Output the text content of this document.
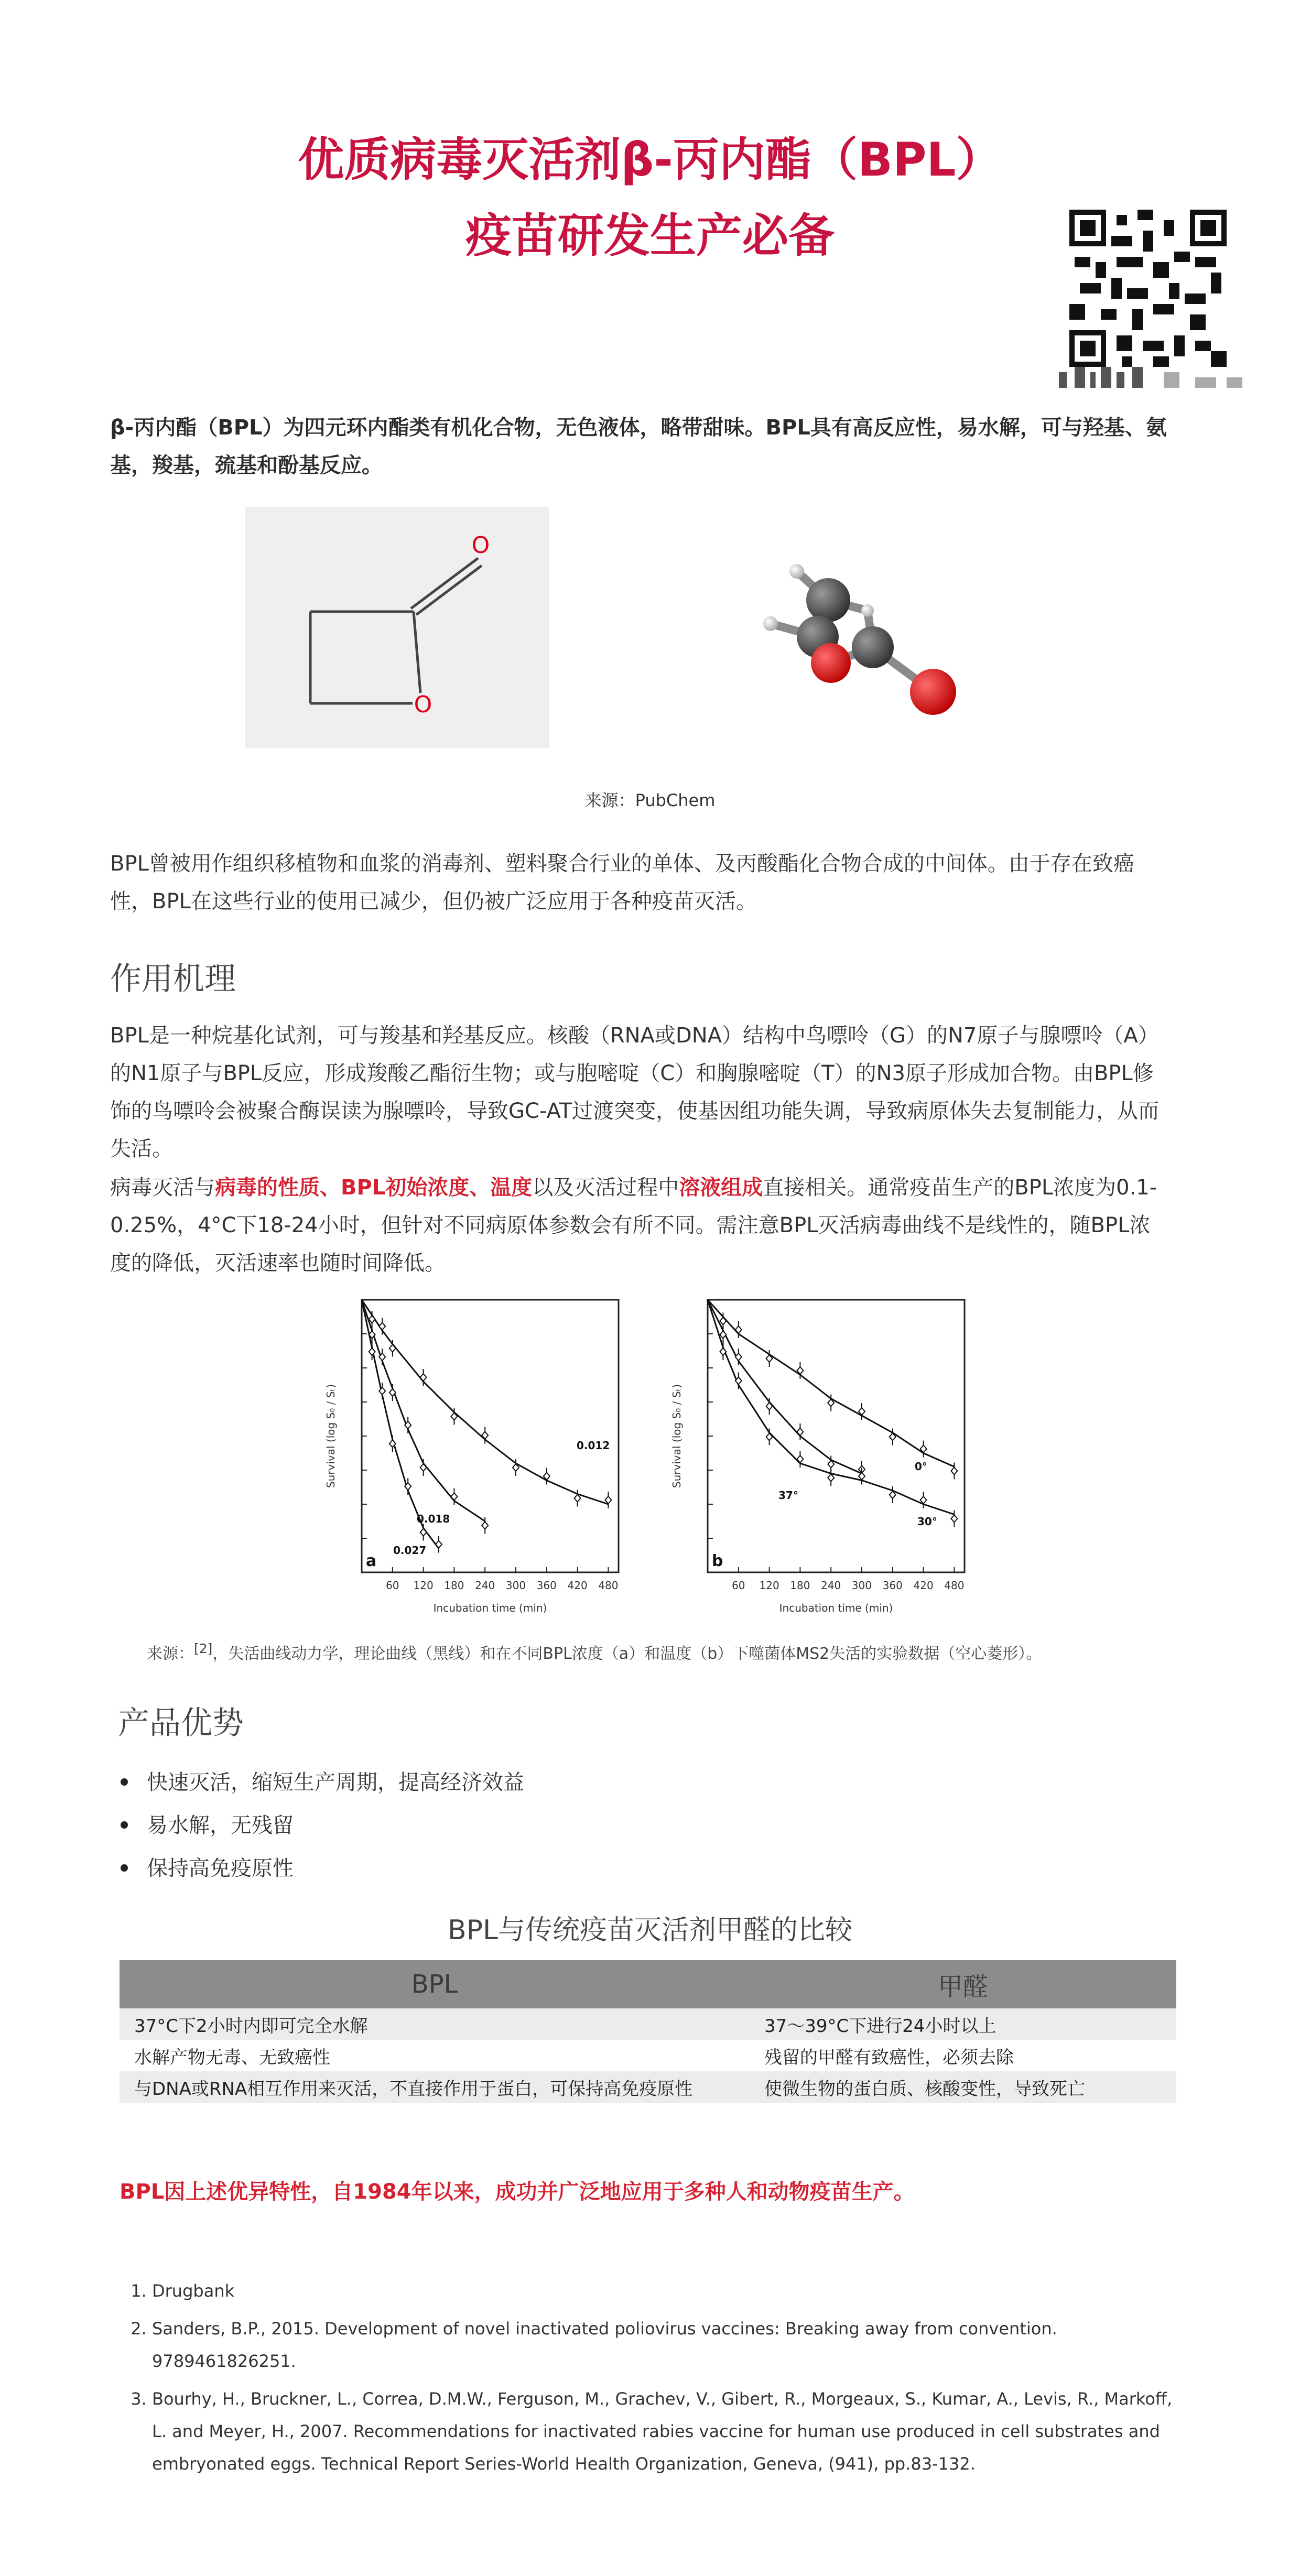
优质病毒灭活剂β-丙内酯（BPL）
疫苗研发生产必备
β-丙内酯（BPL）为四元环内酯类有机化合物，无色液体，略带甜味。BPL具有高反应性，易水解，可与羟基、氨基，羧基，巯基和酚基反应。
O
O
来源：PubChem
BPL曾被用作组织移植物和血浆的消毒剂、塑料聚合行业的单体、及丙酸酯化合物合成的中间体。由于存在致癌性，BPL在这些行业的使用已减少，但仍被广泛应用于各种疫苗灭活。
作用机理
BPL是一种烷基化试剂，可与羧基和羟基反应。核酸（RNA或DNA）结构中鸟嘌呤（G）的N7原子与腺嘌呤（A）的N1原子与BPL反应，形成羧酸乙酯衍生物；或与胞嘧啶（C）和胸腺嘧啶（T）的N3原子形成加合物。由BPL修饰的鸟嘌呤会被聚合酶误读为腺嘌呤，导致GC-AT过渡突变，使基因组功能失调，导致病原体失去复制能力，从而失活。
病毒灭活与病毒的性质、BPL初始浓度、温度以及灭活过程中溶液组成直接相关。通常疫苗生产的BPL浓度为0.1-0.25%，4°C下18-24小时，但针对不同病原体参数会有所不同。需注意BPL灭活病毒曲线不是线性的，随BPL浓度的降低，灭活速率也随时间降低。
Survival (log S₀ / Sₜ)
60 120 180 240 300 360 420 480
Incubation time (min)
a
0.012
0.018
0.027
Survival (log S₀ / Sₜ)
60 120 180 240 300 360 420 480
Incubation time (min)
b
0°
37°
30°
来源：[2]，失活曲线动力学，理论曲线（黑线）和在不同BPL浓度（a）和温度（b）下噬菌体MS2失活的实验数据（空心菱形）。
产品优势
快速灭活，缩短生产周期，提高经济效益
易水解，无残留
保持高免疫原性
BPL与传统疫苗灭活剂甲醛的比较
BPL	甲醛
37°C下2小时内即可完全水解	37～39°C下进行24小时以上
水解产物无毒、无致癌性	残留的甲醛有致癌性，必须去除
与DNA或RNA相互作用来灭活，不直接作用于蛋白，可保持高免疫原性	使微生物的蛋白质、核酸变性，导致死亡
BPL因上述优异特性，自1984年以来，成功并广泛地应用于多种人和动物疫苗生产。
1. Drugbank
2. Sanders, B.P., 2015. Development of novel inactivated poliovirus vaccines: Breaking away from convention. 9789461826251.
3. Bourhy, H., Bruckner, L., Correa, D.M.W., Ferguson, M., Grachev, V., Gibert, R., Morgeaux, S., Kumar, A., Levis, R., Markoff, L. and Meyer, H., 2007. Recommendations for inactivated rabies vaccine for human use produced in cell substrates and embryonated eggs. Technical Report Series-World Health Organization, Geneva, (941), pp.83-132.
